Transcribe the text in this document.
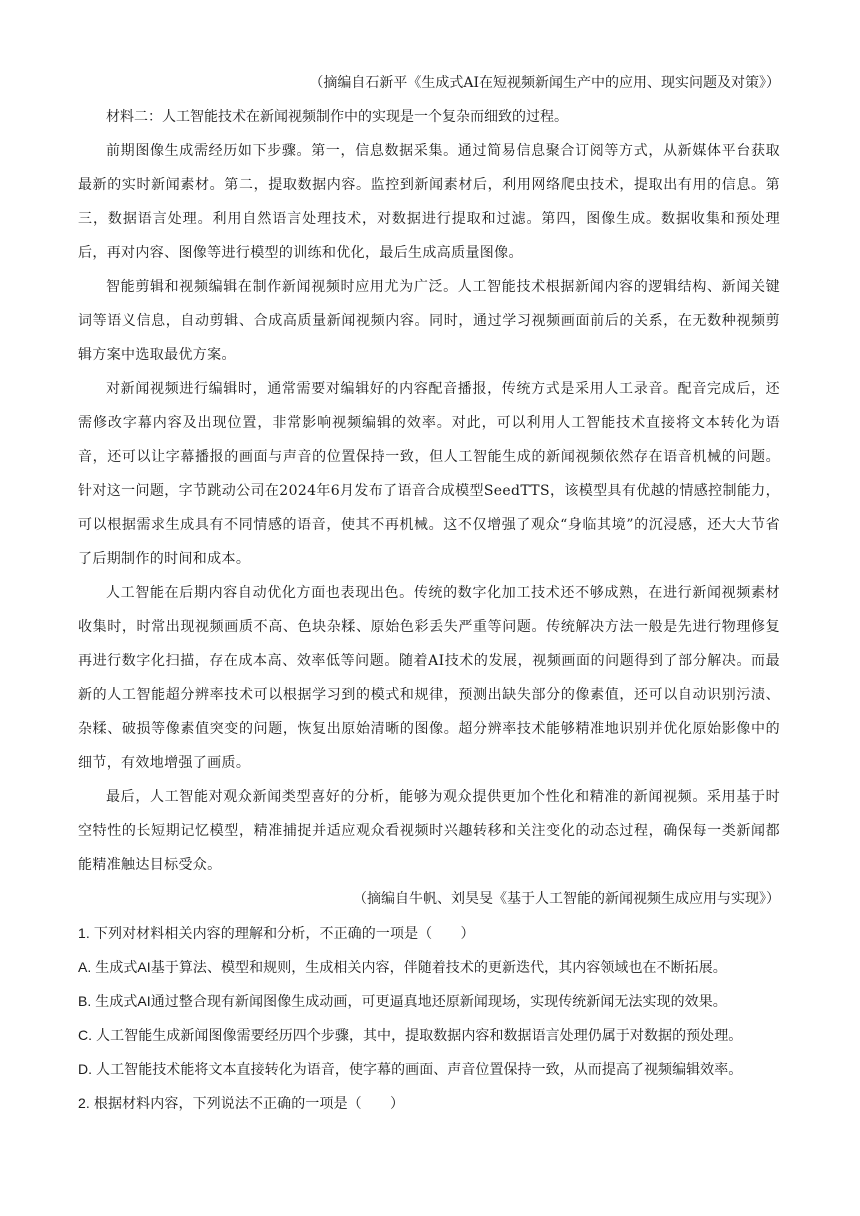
（摘编自石新平《生成式AI在短视频新闻生产中的应用、现实问题及对策》）

材料二：人工智能技术在新闻视频制作中的实现是一个复杂而细致的过程。

前期图像生成需经历如下步骤。第一，信息数据采集。通过简易信息聚合订阅等方式，从新媒体平台获取最新的实时新闻素材。第二，提取数据内容。监控到新闻素材后，利用网络爬虫技术，提取出有用的信息。第三，数据语言处理。利用自然语言处理技术，对数据进行提取和过滤。第四，图像生成。数据收集和预处理后，再对内容、图像等进行模型的训练和优化，最后生成高质量图像。

智能剪辑和视频编辑在制作新闻视频时应用尤为广泛。人工智能技术根据新闻内容的逻辑结构、新闻关键词等语义信息，自动剪辑、合成高质量新闻视频内容。同时，通过学习视频画面前后的关系，在无数种视频剪辑方案中选取最优方案。

对新闻视频进行编辑时，通常需要对编辑好的内容配音播报，传统方式是采用人工录音。配音完成后，还需修改字幕内容及出现位置，非常影响视频编辑的效率。对此，可以利用人工智能技术直接将文本转化为语音，还可以让字幕播报的画面与声音的位置保持一致，但人工智能生成的新闻视频依然存在语音机械的问题。针对这一问题，字节跳动公司在2024年6月发布了语音合成模型SeedTTS，该模型具有优越的情感控制能力，可以根据需求生成具有不同情感的语音，使其不再机械。这不仅增强了观众“身临其境”的沉浸感，还大大节省了后期制作的时间和成本。

人工智能在后期内容自动优化方面也表现出色。传统的数字化加工技术还不够成熟，在进行新闻视频素材收集时，时常出现视频画质不高、色块杂糅、原始色彩丢失严重等问题。传统解决方法一般是先进行物理修复再进行数字化扫描，存在成本高、效率低等问题。随着AI技术的发展，视频画面的问题得到了部分解决。而最新的人工智能超分辨率技术可以根据学习到的模式和规律，预测出缺失部分的像素值，还可以自动识别污渍、杂糅、破损等像素值突变的问题，恢复出原始清晰的图像。超分辨率技术能够精准地识别并优化原始影像中的细节，有效地增强了画质。

最后，人工智能对观众新闻类型喜好的分析，能够为观众提供更加个性化和精准的新闻视频。采用基于时空特性的长短期记忆模型，精准捕捉并适应观众看视频时兴趣转移和关注变化的动态过程，确保每一类新闻都能精准触达目标受众。

（摘编自牛帆、刘昊旻《基于人工智能的新闻视频生成应用与实现》）

1. 下列对材料相关内容的理解和分析，不正确的一项是（　　）

A. 生成式AI基于算法、模型和规则，生成相关内容，伴随着技术的更新迭代，其内容领域也在不断拓展。

B. 生成式AI通过整合现有新闻图像生成动画，可更逼真地还原新闻现场，实现传统新闻无法实现的效果。

C. 人工智能生成新闻图像需要经历四个步骤，其中，提取数据内容和数据语言处理仍属于对数据的预处理。

D. 人工智能技术能将文本直接转化为语音，使字幕的画面、声音位置保持一致，从而提高了视频编辑效率。

2. 根据材料内容，下列说法不正确的一项是（　　）
